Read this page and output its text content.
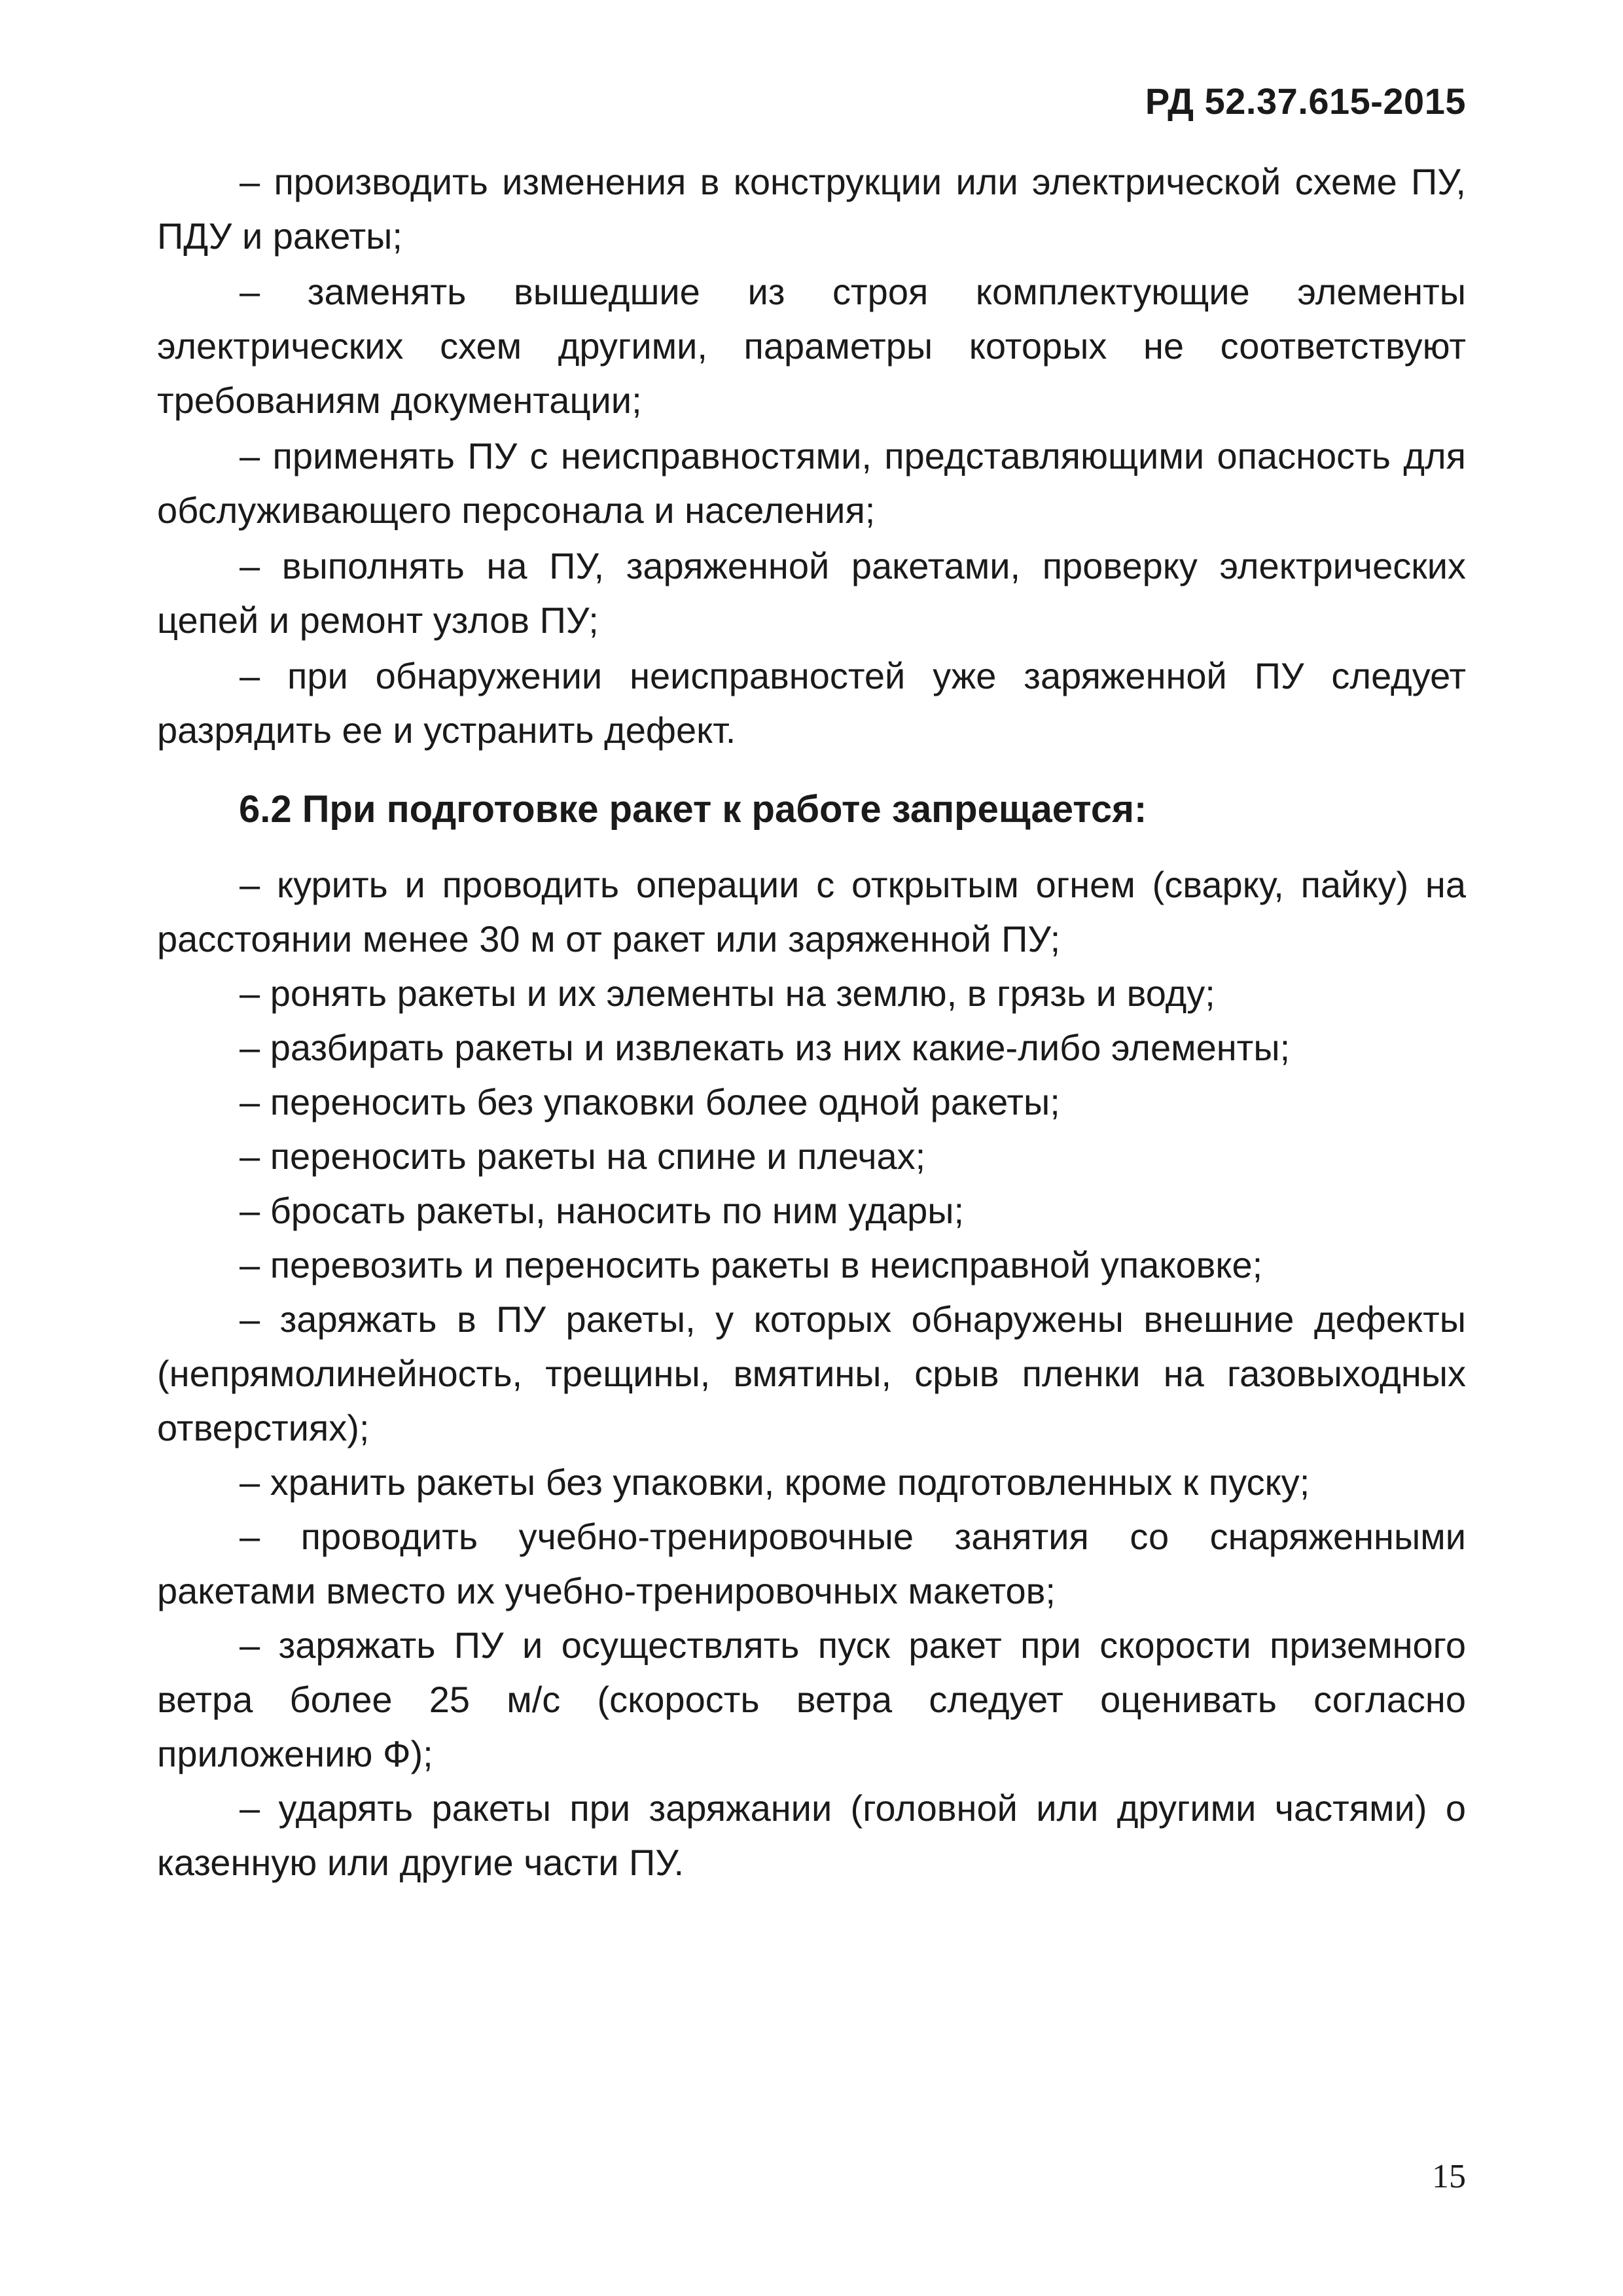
РД 52.37.615-2015

– производить изменения в конструкции или электрической схеме ПУ, ПДУ и ракеты;

– заменять вышедшие из строя комплектующие элементы электрических схем другими, параметры которых не соответствуют требованиям документации;

– применять ПУ с неисправностями, представляющими опасность для обслуживающего персонала и населения;

– выполнять на ПУ, заряженной ракетами, проверку электрических цепей и ремонт узлов ПУ;

– при обнаружении неисправностей уже заряженной ПУ следует разрядить ее и устранить дефект.

6.2 При подготовке ракет к работе запрещается:

– курить и проводить операции с открытым огнем (сварку, пайку) на расстоянии менее 30 м от ракет или заряженной ПУ;

– ронять ракеты и их элементы на землю, в грязь и воду;

– разбирать ракеты и извлекать из них какие-либо элементы;

– переносить без упаковки более одной ракеты;

– переносить ракеты на спине и плечах;

– бросать ракеты, наносить по ним удары;

– перевозить и переносить ракеты в неисправной упаковке;

– заряжать в ПУ ракеты, у которых обнаружены внешние дефекты (непрямолинейность, трещины, вмятины, срыв пленки на газовыходных отверстиях);

– хранить ракеты без упаковки, кроме подготовленных к пуску;

– проводить учебно-тренировочные занятия со снаряженными ракетами вместо их учебно-тренировочных макетов;

– заряжать ПУ и осуществлять пуск ракет при скорости приземного ветра более 25 м/с (скорость ветра следует оценивать согласно приложению Ф);

– ударять ракеты при заряжании (головной или другими частями) о казенную или другие части ПУ.

15
